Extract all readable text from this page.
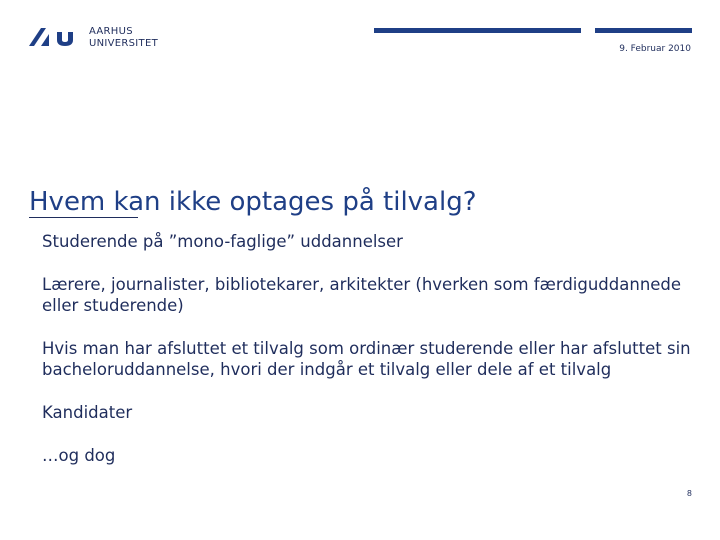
AARHUS
UNIVERSITET	9. Februar 2010
Hvem kan ikke optages på tilvalg?
Studerende på ”mono-faglige” uddannelser
Lærere, journalister, bibliotekarer, arkitekter (hverken som færdiguddannede eller studerende)
Hvis man har afsluttet et tilvalg som ordinær studerende eller har afsluttet sin bacheloruddannelse, hvori der indgår et tilvalg eller dele af et tilvalg
Kandidater
…og dog
8
